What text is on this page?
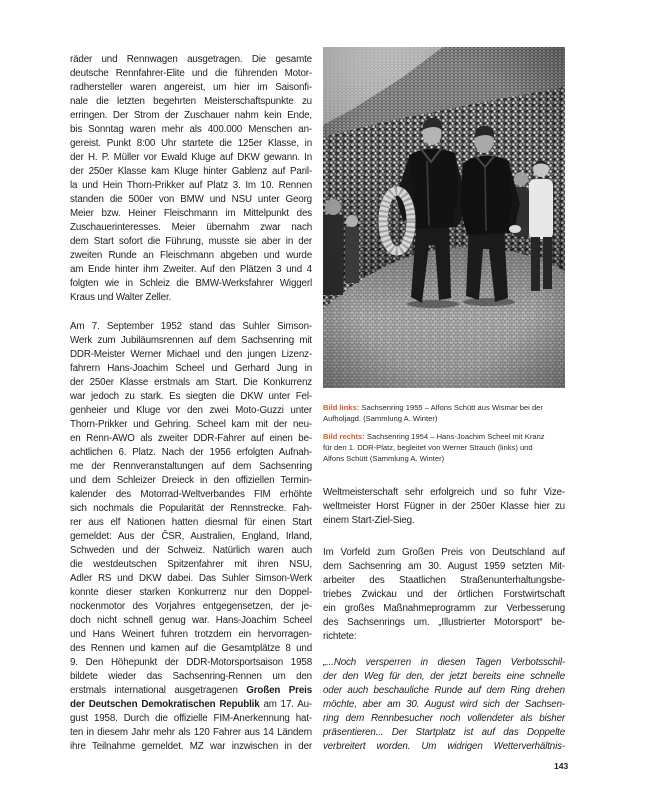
räder und Rennwagen ausgetragen. Die gesamte
deutsche Rennfahrer-Elite und die führenden Motor-
radhersteller waren angereist, um hier im Saisonfi-
nale die letzten begehrten Meisterschaftspunkte zu
erringen. Der Strom der Zuschauer nahm kein Ende,
bis Sonntag waren mehr als 400.000 Menschen an-
gereist. Punkt 8:00 Uhr startete die 125er Klasse, in
der H. P. Müller vor Ewald Kluge auf DKW gewann. In
der 250er Klasse kam Kluge hinter Gablenz auf Paril-
la und Hein Thorn-Prikker auf Platz 3. Im 10. Rennen
standen die 500er von BMW und NSU unter Georg
Meier bzw. Heiner Fleischmann im Mittelpunkt des
Zuschauerinteresses. Meier übernahm zwar nach
dem Start sofort die Führung, musste sie aber in der
zweiten Runde an Fleischmann abgeben und wurde
am Ende hinter ihm Zweiter. Auf den Plätzen 3 und 4
folgten wie in Schleiz die BMW-Werksfahrer Wiggerl
Kraus und Walter Zeller.
Am 7. September 1952 stand das Suhler Simson-
Werk zum Jubiläumsrennen auf dem Sachsenring mit
DDR-Meister Werner Michael und den jungen Lizenz-
fahrern Hans-Joachim Scheel und Gerhard Jung in
der 250er Klasse erstmals am Start. Die Konkurrenz
war jedoch zu stark. Es siegten die DKW unter Fel-
genheier und Kluge vor den zwei Moto-Guzzi unter
Thorn-Prikker und Gehring. Scheel kam mit der neu-
en Renn-AWO als zweiter DDR-Fahrer auf einen be-
achtlichen 6. Platz. Nach der 1956 erfolgten Aufnah-
me der Rennveranstaltungen auf dem Sachsenring
und dem Schleizer Dreieck in den offiziellen Termin-
kalender des Motorrad-Weltverbandes FIM erhöhte
sich nochmals die Popularität der Rennstrecke. Fah-
rer aus elf Nationen hatten diesmal für einen Start
gemeldet: Aus der ČSR, Australien, England, Irland,
Schweden und der Schweiz. Natürlich waren auch
die westdeutschen Spitzenfahrer mit ihren NSU,
Adler RS und DKW dabei. Das Suhler Simson-Werk
konnte dieser starken Konkurrenz nur den Doppel-
nockenmotor des Vorjahres entgegensetzen, der je-
doch nicht schnell genug war. Hans-Joachim Scheel
und Hans Weinert fuhren trotzdem ein hervorragen-
des Rennen und kamen auf die Gesamtplätze 8 und
9. Den Höhepunkt der DDR-Motorsportsaison 1958
bildete wieder das Sachsenring-Rennen um den
erstmals international ausgetragenen Großen Preis
der Deutschen Demokratischen Republik am 17. Au-
gust 1958. Durch die offizielle FIM-Anerkennung hat-
ten in diesem Jahr mehr als 120 Fahrer aus 14 Ländern
ihre Teilnahme gemeldet. MZ war inzwischen in der
Bild links: Sachsenring 1955 – Alfons Schütt aus Wismar bei der
Aufholjagd. (Sammlung A. Winter)
Bild rechts: Sachsenring 1954 – Hans-Joachim Scheel mit Kranz
für den 1. DDR-Platz, begleitet von Werner Strauch (links) und
Alfons Schütt (Sammlung A. Winter)
Weltmeisterschaft sehr erfolgreich und so fuhr Vize-
weltmeister Horst Fügner in der 250er Klasse hier zu
einem Start-Ziel-Sieg.
Im Vorfeld zum Großen Preis von Deutschland auf
dem Sachsenring am 30. August 1959 setzten Mit-
arbeiter des Staatlichen Straßenunterhaltungsbe-
triebes Zwickau und der örtlichen Forstwirtschaft
ein großes Maßnahmeprogramm zur Verbesserung
des Sachsenrings um. „Illustrierter Motorsport“ be-
richtete:
„...Noch versperren in diesen Tagen Verbotsschil-
der den Weg für den, der jetzt bereits eine schnelle
oder auch beschauliche Runde auf dem Ring drehen
möchte, aber am 30. August wird sich der Sachsen-
ring dem Rennbesucher noch vollendeter als bisher
präsentieren... Der Startplatz ist auf das Doppelte
verbreitert worden. Um widrigen Wetterverhältnis-
143
